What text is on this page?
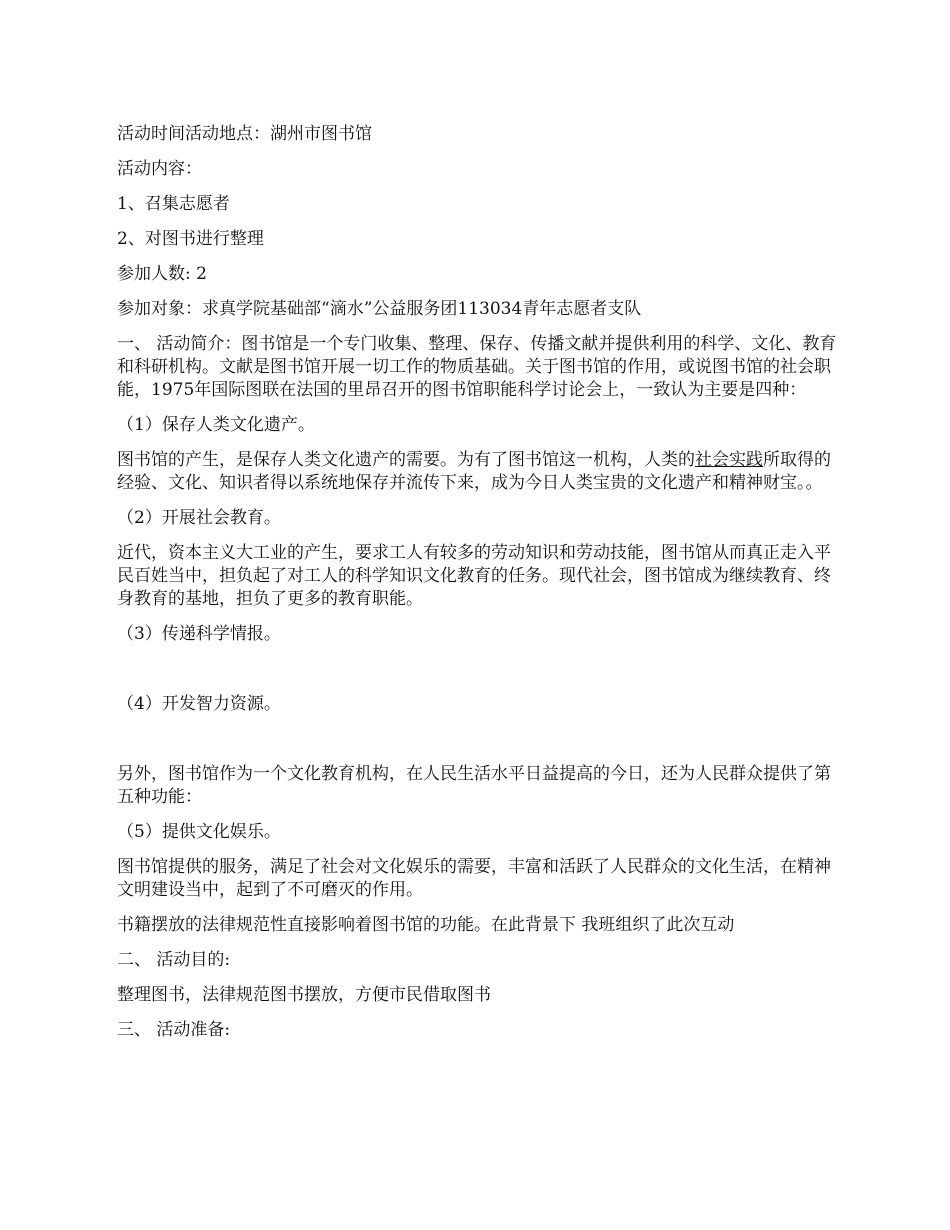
活动时间活动地点：湖州市图书馆

活动内容：

1、召集志愿者

2、对图书进行整理

参加人数: 2

参加对象：求真学院基础部“滴水”公益服务团113034青年志愿者支队

一、 活动简介：图书馆是一个专门收集、整理、保存、传播文献并提供利用的科学、文化、教育和科研机构。文献是图书馆开展一切工作的物质基础。关于图书馆的作用，或说图书馆的社会职能，1975年国际图联在法国的里昂召开的图书馆职能科学讨论会上，一致认为主要是四种：

（1）保存人类文化遗产。

图书馆的产生，是保存人类文化遗产的需要。为有了图书馆这一机构，人类的社会实践所取得的经验、文化、知识者得以系统地保存并流传下来，成为今日人类宝贵的文化遗产和精神财宝。。

（2）开展社会教育。

近代，资本主义大工业的产生，要求工人有较多的劳动知识和劳动技能，图书馆从而真正走入平民百姓当中，担负起了对工人的科学知识文化教育的任务。现代社会，图书馆成为继续教育、终身教育的基地，担负了更多的教育职能。

（3）传递科学情报。

（4）开发智力资源。

另外，图书馆作为一个文化教育机构，在人民生活水平日益提高的今日，还为人民群众提供了第五种功能：

（5）提供文化娱乐。

图书馆提供的服务，满足了社会对文化娱乐的需要，丰富和活跃了人民群众的文化生活，在精神文明建设当中，起到了不可磨灭的作用。

书籍摆放的法律规范性直接影响着图书馆的功能。在此背景下 我班组织了此次互动

二、 活动目的:

整理图书，法律规范图书摆放，方便市民借取图书

三、 活动准备:
